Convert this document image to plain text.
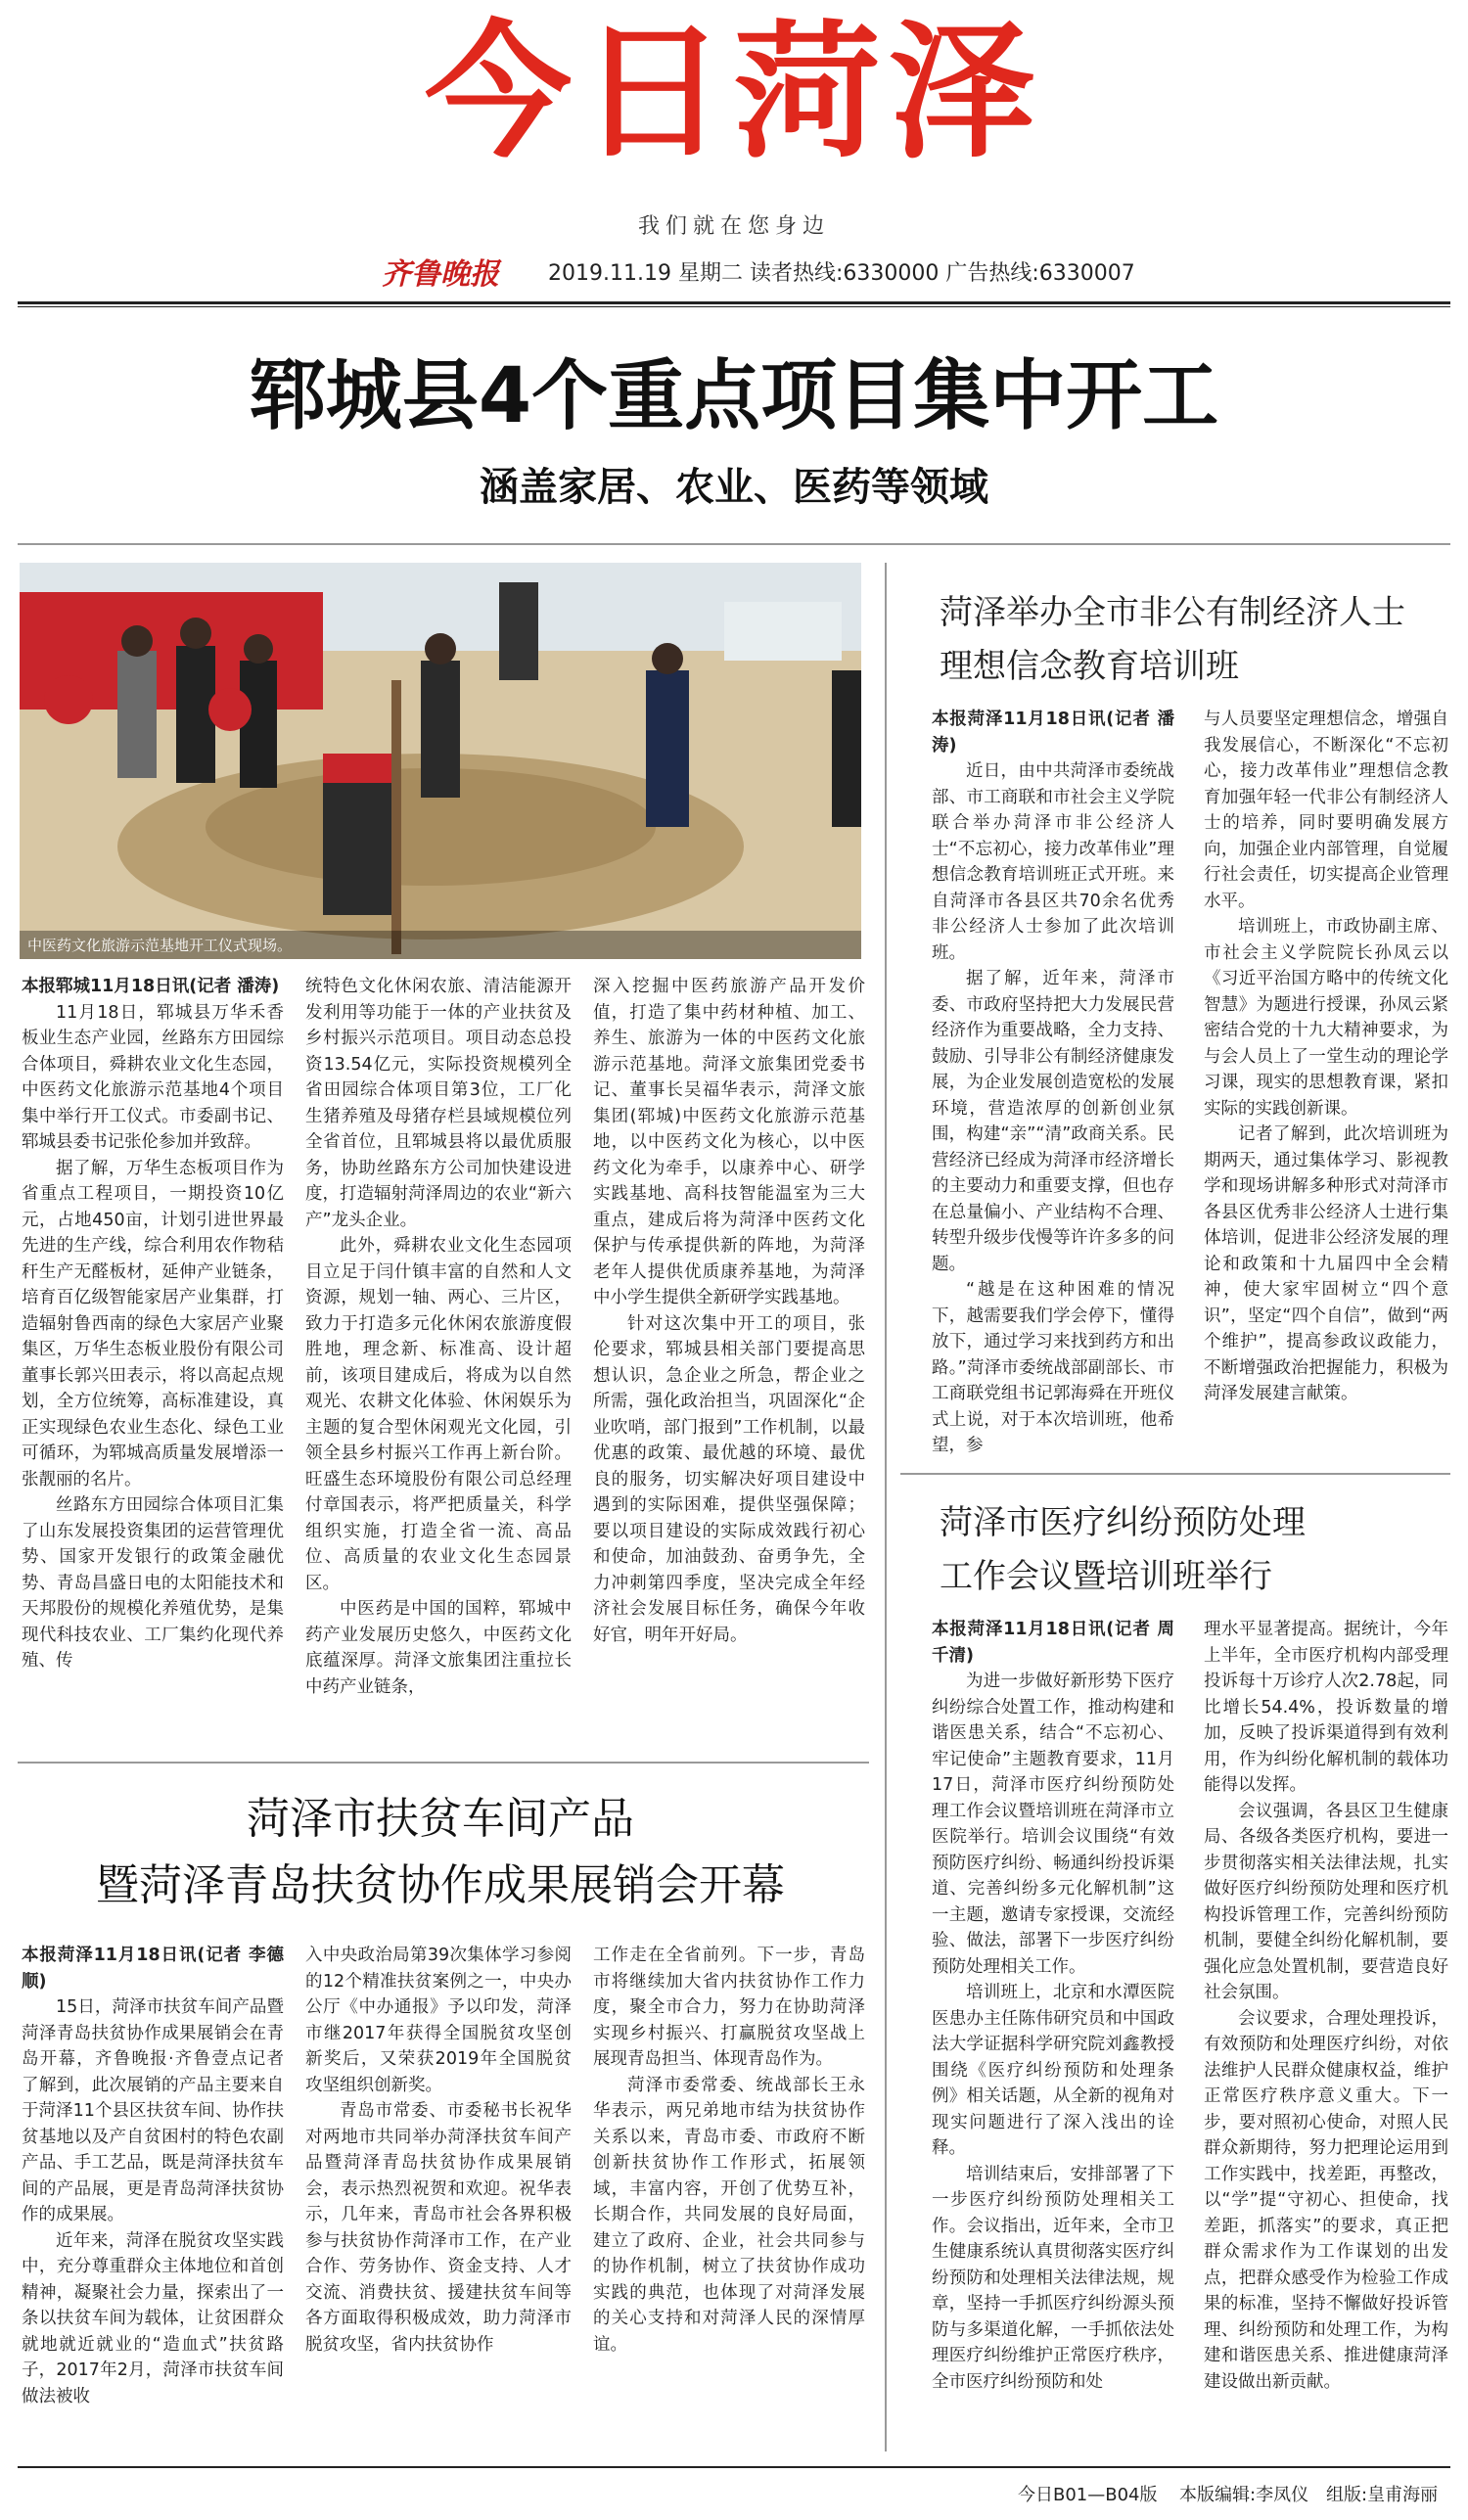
今日菏泽
我们就在您身边
齐鲁晚报 2019.11.19 星期二 读者热线:6330000 广告热线:6330007
郓城县4个重点项目集中开工
涵盖家居、农业、医药等领域
中医药文化旅游示范基地开工仪式现场。

本报郓城11月18日讯(记者 潘涛)

11月18日，郓城县万华禾香板业生态产业园，丝路东方田园综合体项目，舜耕农业文化生态园，中医药文化旅游示范基地4个项目集中举行开工仪式。市委副书记、郓城县委书记张伦参加并致辞。

据了解，万华生态板项目作为省重点工程项目，一期投资10亿元，占地450亩，计划引进世界最先进的生产线，综合利用农作物秸秆生产无醛板材，延伸产业链条，培育百亿级智能家居产业集群，打造辐射鲁西南的绿色大家居产业聚集区，万华生态板业股份有限公司董事长郭兴田表示，将以高起点规划，全方位统筹，高标准建设，真正实现绿色农业生态化、绿色工业可循环，为郓城高质量发展增添一张靓丽的名片。

丝路东方田园综合体项目汇集了山东发展投资集团的运营管理优势、国家开发银行的政策金融优势、青岛昌盛日电的太阳能技术和天邦股份的规模化养殖优势，是集现代科技农业、工厂集约化现代养殖、传

统特色文化休闲农旅、清洁能源开发利用等功能于一体的产业扶贫及乡村振兴示范项目。项目动态总投资13.54亿元，实际投资规模列全省田园综合体项目第3位，工厂化生猪养殖及母猪存栏县域规模位列全省首位，且郓城县将以最优质服务，协助丝路东方公司加快建设进度，打造辐射菏泽周边的农业“新六产”龙头企业。

此外，舜耕农业文化生态园项目立足于闫什镇丰富的自然和人文资源，规划一轴、两心、三片区，致力于打造多元化休闲农旅游度假胜地，理念新、标准高、设计超前，该项目建成后，将成为以自然观光、农耕文化体验、休闲娱乐为主题的复合型休闲观光文化园，引领全县乡村振兴工作再上新台阶。旺盛生态环境股份有限公司总经理付章国表示，将严把质量关，科学组织实施，打造全省一流、高品位、高质量的农业文化生态园景区。

中医药是中国的国粹，郓城中药产业发展历史悠久，中医药文化底蕴深厚。菏泽文旅集团注重拉长中药产业链条，

深入挖掘中医药旅游产品开发价值，打造了集中药材种植、加工、养生、旅游为一体的中医药文化旅游示范基地。菏泽文旅集团党委书记、董事长吴福华表示，菏泽文旅集团(郓城)中医药文化旅游示范基地，以中医药文化为核心，以中医药文化为牵手，以康养中心、研学实践基地、高科技智能温室为三大重点，建成后将为菏泽中医药文化保护与传承提供新的阵地，为菏泽老年人提供优质康养基地，为菏泽中小学生提供全新研学实践基地。

针对这次集中开工的项目，张伦要求，郓城县相关部门要提高思想认识，急企业之所急，帮企业之所需，强化政治担当，巩固深化“企业吹哨，部门报到”工作机制，以最优惠的政策、最优越的环境、最优良的服务，切实解决好项目建设中遇到的实际困难，提供坚强保障；要以项目建设的实际成效践行初心和使命，加油鼓劲、奋勇争先，全力冲刺第四季度，坚决完成全年经济社会发展目标任务，确保今年收好官，明年开好局。

菏泽举办全市非公有制经济人士
理想信念教育培训班

本报菏泽11月18日讯(记者 潘涛)

近日，由中共菏泽市委统战部、市工商联和市社会主义学院联合举办菏泽市非公经济人士“不忘初心，接力改革伟业”理想信念教育培训班正式开班。来自菏泽市各县区共70余名优秀非公经济人士参加了此次培训班。

据了解，近年来，菏泽市委、市政府坚持把大力发展民营经济作为重要战略，全力支持、鼓励、引导非公有制经济健康发展，为企业发展创造宽松的发展环境，营造浓厚的创新创业氛围，构建“亲”“清”政商关系。民营经济已经成为菏泽市经济增长的主要动力和重要支撑，但也存在总量偏小、产业结构不合理、转型升级步伐慢等许许多多的问题。

“越是在这种困难的情况下，越需要我们学会停下，懂得放下，通过学习来找到药方和出路。”菏泽市委统战部副部长、市工商联党组书记郭海舜在开班仪式上说，对于本次培训班，他希望，参

与人员要坚定理想信念，增强自我发展信心，不断深化“不忘初心，接力改革伟业”理想信念教育加强年轻一代非公有制经济人士的培养，同时要明确发展方向，加强企业内部管理，自觉履行社会责任，切实提高企业管理水平。

培训班上，市政协副主席、市社会主义学院院长孙凤云以《习近平治国方略中的传统文化智慧》为题进行授课，孙凤云紧密结合党的十九大精神要求，为与会人员上了一堂生动的理论学习课，现实的思想教育课，紧扣实际的实践创新课。

记者了解到，此次培训班为期两天，通过集体学习、影视教学和现场讲解多种形式对菏泽市各县区优秀非公经济人士进行集体培训，促进非公经济发展的理论和政策和十九届四中全会精神，使大家牢固树立“四个意识”，坚定“四个自信”，做到“两个维护”，提高参政议政能力，不断增强政治把握能力，积极为菏泽发展建言献策。

菏泽市医疗纠纷预防处理
工作会议暨培训班举行

本报菏泽11月18日讯(记者 周千清)

为进一步做好新形势下医疗纠纷综合处置工作，推动构建和谐医患关系，结合“不忘初心、牢记使命”主题教育要求，11月17日，菏泽市医疗纠纷预防处理工作会议暨培训班在菏泽市立医院举行。培训会议围绕“有效预防医疗纠纷、畅通纠纷投诉渠道、完善纠纷多元化解机制”这一主题，邀请专家授课，交流经验、做法，部署下一步医疗纠纷预防处理相关工作。

培训班上，北京和水潭医院医患办主任陈伟研究员和中国政法大学证据科学研究院刘鑫教授围绕《医疗纠纷预防和处理条例》相关话题，从全新的视角对现实问题进行了深入浅出的诠释。

培训结束后，安排部署了下一步医疗纠纷预防处理相关工作。会议指出，近年来，全市卫生健康系统认真贯彻落实医疗纠纷预防和处理相关法律法规，规章，坚持一手抓医疗纠纷源头预防与多渠道化解，一手抓依法处理医疗纠纷维护正常医疗秩序，全市医疗纠纷预防和处

理水平显著提高。据统计，今年上半年，全市医疗机构内部受理投诉每十万诊疗人次2.78起，同比增长54.4%，投诉数量的增加，反映了投诉渠道得到有效利用，作为纠纷化解机制的载体功能得以发挥。

会议强调，各县区卫生健康局、各级各类医疗机构，要进一步贯彻落实相关法律法规，扎实做好医疗纠纷预防处理和医疗机构投诉管理工作，完善纠纷预防机制，要健全纠纷化解机制，要强化应急处置机制，要营造良好社会氛围。

会议要求，合理处理投诉，有效预防和处理医疗纠纷，对依法维护人民群众健康权益，维护正常医疗秩序意义重大。下一步，要对照初心使命，对照人民群众新期待，努力把理论运用到工作实践中，找差距，再整改，以“学”提“守初心、担使命，找差距，抓落实”的要求，真正把群众需求作为工作谋划的出发点，把群众感受作为检验工作成果的标准，坚持不懈做好投诉管理、纠纷预防和处理工作，为构建和谐医患关系、推进健康菏泽建设做出新贡献。

菏泽市扶贫车间产品
暨菏泽青岛扶贫协作成果展销会开幕

本报菏泽11月18日讯(记者 李德顺)

15日，菏泽市扶贫车间产品暨菏泽青岛扶贫协作成果展销会在青岛开幕，齐鲁晚报·齐鲁壹点记者了解到，此次展销的产品主要来自于菏泽11个县区扶贫车间、协作扶贫基地以及产自贫困村的特色农副产品、手工艺品，既是菏泽扶贫车间的产品展，更是青岛菏泽扶贫协作的成果展。

近年来，菏泽在脱贫攻坚实践中，充分尊重群众主体地位和首创精神，凝聚社会力量，探索出了一条以扶贫车间为载体，让贫困群众就地就近就业的“造血式”扶贫路子，2017年2月，菏泽市扶贫车间做法被收

入中央政治局第39次集体学习参阅的12个精准扶贫案例之一，中央办公厅《中办通报》予以印发，菏泽市继2017年获得全国脱贫攻坚创新奖后，又荣获2019年全国脱贫攻坚组织创新奖。

青岛市常委、市委秘书长祝华对两地市共同举办菏泽扶贫车间产品暨菏泽青岛扶贫协作成果展销会，表示热烈祝贺和欢迎。祝华表示，几年来，青岛市社会各界积极参与扶贫协作菏泽市工作，在产业合作、劳务协作、资金支持、人才交流、消费扶贫、援建扶贫车间等各方面取得积极成效，助力菏泽市脱贫攻坚，省内扶贫协作

工作走在全省前列。下一步，青岛市将继续加大省内扶贫协作工作力度，聚全市合力，努力在协助菏泽实现乡村振兴、打赢脱贫攻坚战上展现青岛担当、体现青岛作为。

菏泽市委常委、统战部长王永华表示，两兄弟地市结为扶贫协作关系以来，青岛市委、市政府不断创新扶贫协作工作形式，拓展领域，丰富内容，开创了优势互补，长期合作，共同发展的良好局面，建立了政府、企业，社会共同参与的协作机制，树立了扶贫协作成功实践的典范，也体现了对菏泽发展的关心支持和对菏泽人民的深情厚谊。

今日B01—B04版 本版编辑:李凤仪 组版:皇甫海丽
